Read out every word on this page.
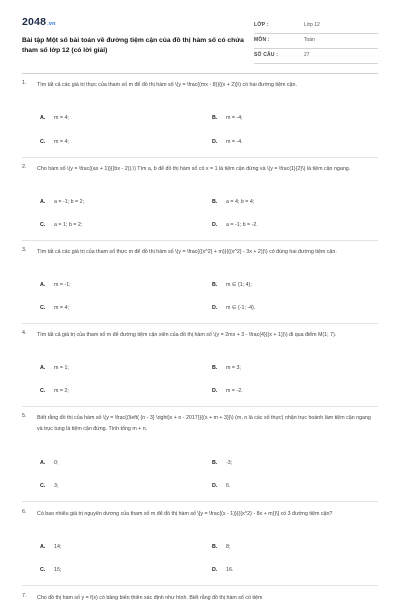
2048.vn
Bài tập Một số bài toán về đường tiệm cận của đồ thị hàm số có chứa tham số lớp 12 (có lời giải)
LỚP :	Lớp 12
MÔN :	Toán
SỐ CÂU :	27
1. Tìm tất cả các giá trị thực của tham số m để đồ thị hàm số \(y = \frac{(mx - 8)}{(x + 2)}\) có hai đường tiệm cận.
A. m = 4;	B. m = -4;
C. m = 4;	D. m = -4.
2. Cho hàm số \(y = \frac{(ax + 1)}{(bx - 2)}.\) Tìm a, b để đồ thị hàm số có x = 1 là tiệm cận đứng và \(y = \frac{1}{2}\) là tiệm cận ngang.
A. a = -1; b = 2;	B. a = 4; b = 4;
C. a = 1; b = 2;	D. a = -1; b = -2.
3. Tìm tất cả các giá trị của tham số thực m để đồ thị hàm số \(y = \frac{({x^2} + m)}{({x^2} - 3x + 2)}\) có đúng hai đường tiệm cận.
A. m = -1;	B. m ∈ {1; 4};
C. m = 4;	D. m ∈ {-1; -4}.
4. Tìm tất cả giá trị của tham số m để đường tiệm cận xiên của đồ thị hàm số \(y = 2mx + 3 - \frac{4}{(x + 1)}\) đi qua điểm M(1; 7).
A. m = 1;	B. m = 3;
C. m = 2;	D. m = -2.
5. Biết rằng đồ thị của hàm số \(y = \frac{(\left( {n - 3} \right)x + n - 2017)}{(x + m + 3)}\) (m, n là các số thực) nhận trục hoành làm tiệm cận ngang và trục tung là tiệm cận đứng. Tính tổng m + n.
A. 0;	B. -3;
C. 3;	D. 6.
6. Có bao nhiêu giá trị nguyên dương của tham số m để đồ thị hàm số \[y = \frac{(x - 1)}{({x^2} - 8x + m)}\] có 3 đường tiệm cận?
A. 14;	B. 8;
C. 15;	D. 16.
7. Cho đồ thị hàm số y = f(x) có bảng biến thiên xác định như hình. Biết rằng đồ thị hàm số có tiệm
